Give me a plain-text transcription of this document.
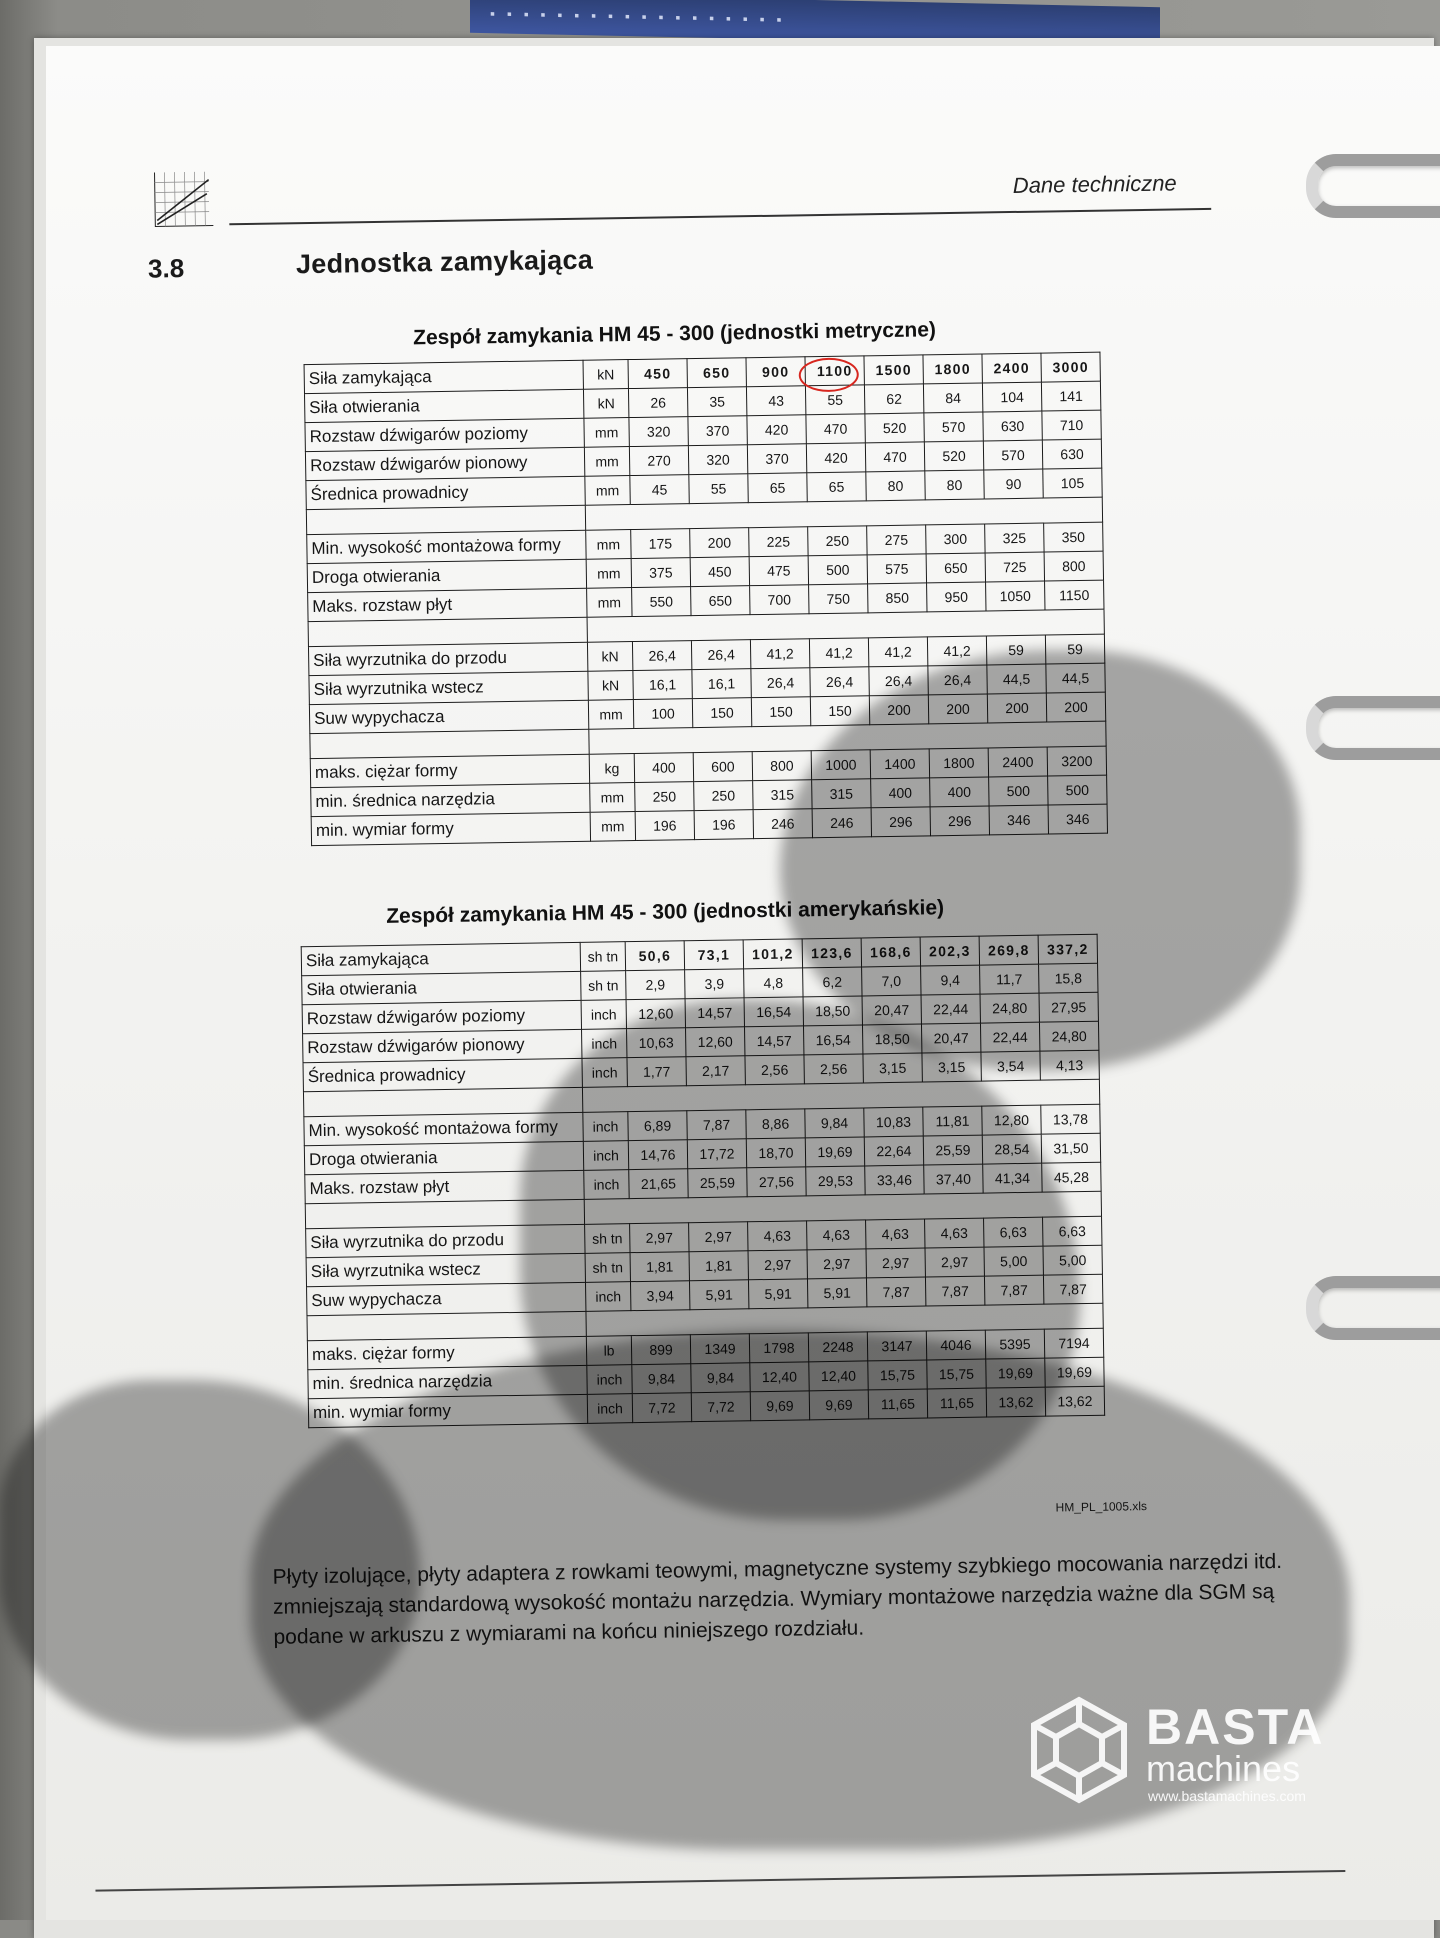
▪ ▪ ▪ ▪ ▪ ▪ ▪ ▪ ▪ ▪ ▪ ▪ ▪ ▪ ▪ ▪ ▪ ▪
Dane techniczne
3.8	Jednostka zamykająca
Zespół zamykania HM 45 - 300 (jednostki metryczne)
Siła zamykająca	kN	450	650	900	1100	1500	1800	2400	3000
Siła otwierania	kN	26	35	43	55	62	84	104	141
Rozstaw dźwigarów poziomy	mm	320	370	420	470	520	570	630	710
Rozstaw dźwigarów pionowy	mm	270	320	370	420	470	520	570	630
Średnica prowadnicy	mm	45	55	65	65	80	80	90	105

Min. wysokość montażowa formy	mm	175	200	225	250	275	300	325	350
Droga otwierania	mm	375	450	475	500	575	650	725	800
Maks. rozstaw płyt	mm	550	650	700	750	850	950	1050	1150

Siła wyrzutnika do przodu	kN	26,4	26,4	41,2	41,2	41,2	41,2	59	59
Siła wyrzutnika wstecz	kN	16,1	16,1	26,4	26,4	26,4	26,4	44,5	44,5
Suw wypychacza	mm	100	150	150	150	200	200	200	200

maks. ciężar formy	kg	400	600	800	1000	1400	1800	2400	3200
min. średnica narzędzia	mm	250	250	315	315	400	400	500	500
min. wymiar formy	mm	196	196	246	246	296	296	346	346
Zespół zamykania HM 45 - 300 (jednostki amerykańskie)
Siła zamykająca	sh tn	50,6	73,1	101,2	123,6	168,6	202,3	269,8	337,2
Siła otwierania	sh tn	2,9	3,9	4,8	6,2	7,0	9,4	11,7	15,8
Rozstaw dźwigarów poziomy	inch	12,60	14,57	16,54	18,50	20,47	22,44	24,80	27,95
Rozstaw dźwigarów pionowy	inch	10,63	12,60	14,57	16,54	18,50	20,47	22,44	24,80
Średnica prowadnicy	inch	1,77	2,17	2,56	2,56	3,15	3,15	3,54	4,13

Min. wysokość montażowa formy	inch	6,89	7,87	8,86	9,84	10,83	11,81	12,80	13,78
Droga otwierania	inch	14,76	17,72	18,70	19,69	22,64	25,59	28,54	31,50
Maks. rozstaw płyt	inch	21,65	25,59	27,56	29,53	33,46	37,40	41,34	45,28

Siła wyrzutnika do przodu	sh tn	2,97	2,97	4,63	4,63	4,63	4,63	6,63	6,63
Siła wyrzutnika wstecz	sh tn	1,81	1,81	2,97	2,97	2,97	2,97	5,00	5,00
Suw wypychacza	inch	3,94	5,91	5,91	5,91	7,87	7,87	7,87	7,87

maks. ciężar formy	lb	899	1349	1798	2248	3147	4046	5395	7194
min. średnica narzędzia	inch	9,84	9,84	12,40	12,40	15,75	15,75	19,69	19,69
min. wymiar formy	inch	7,72	7,72	9,69	9,69	11,65	11,65	13,62	13,62
HM_PL_1005.xls
Płyty izolujące, płyty adaptera z rowkami teowymi, magnetyczne systemy szybkiego mocowania narzędzi itd. zmniejszają standardową wysokość montażu narzędzia. Wymiary montażowe narzędzia ważne dla SGM są podane w arkuszu z wymiarami na końcu niniejszego rozdziału.
BASTA
machines
www.bastamachines.com
